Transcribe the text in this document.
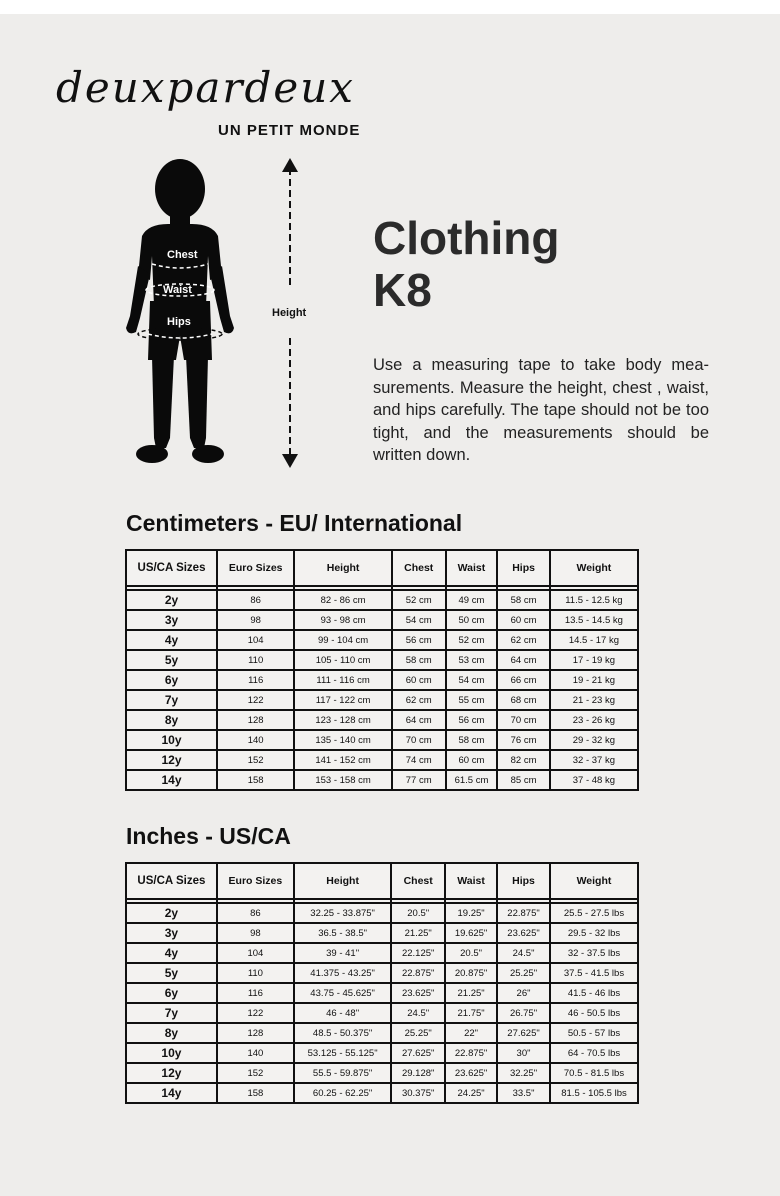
deuxpardeux
UN PETIT MONDE
Chest
Waist
Hips
Height
Clothing
K8
Use a measuring tape to take body mea-surements. Measure the height, chest , waist, and hips carefully. The tape should not be too tight, and the measurements should be written down.
Centimeters - EU/ International
US/CA Sizes	Euro Sizes	Height	Chest	Waist	Hips	Weight

2y	86	82 - 86 cm	52 cm	49 cm	58 cm	11.5 - 12.5 kg
3y	98	93 - 98 cm	54 cm	50 cm	60 cm	13.5 - 14.5 kg
4y	104	99 - 104 cm	56 cm	52 cm	62 cm	14.5 - 17 kg
5y	110	105 - 110 cm	58 cm	53 cm	64 cm	17 - 19 kg
6y	116	111 - 116 cm	60 cm	54 cm	66 cm	19 - 21 kg
7y	122	117 - 122 cm	62 cm	55 cm	68 cm	21 - 23 kg
8y	128	123 - 128 cm	64 cm	56 cm	70 cm	23 - 26 kg
10y	140	135 - 140 cm	70 cm	58 cm	76 cm	29 - 32 kg
12y	152	141 - 152 cm	74 cm	60 cm	82 cm	32 - 37 kg
14y	158	153 - 158 cm	77 cm	61.5 cm	85 cm	37 - 48 kg
Inches - US/CA
US/CA Sizes	Euro Sizes	Height	Chest	Waist	Hips	Weight

2y	86	32.25 - 33.875"	20.5"	19.25"	22.875"	25.5 - 27.5 lbs
3y	98	36.5 - 38.5"	21.25"	19.625"	23.625"	29.5 - 32 lbs
4y	104	39 - 41"	22.125"	20.5"	24.5"	32 - 37.5 lbs
5y	110	41.375 - 43.25"	22.875"	20.875"	25.25"	37.5 - 41.5 lbs
6y	116	43.75 - 45.625"	23.625"	21.25"	26"	41.5 - 46 lbs
7y	122	46 - 48"	24.5"	21.75"	26.75"	46 - 50.5 lbs
8y	128	48.5 - 50.375"	25.25"	22"	27.625"	50.5 - 57 lbs
10y	140	53.125 - 55.125"	27.625"	22.875"	30"	64 - 70.5 lbs
12y	152	55.5 - 59.875"	29.128"	23.625"	32.25"	70.5 - 81.5 lbs
14y	158	60.25 - 62.25"	30.375"	24.25"	33.5"	81.5 - 105.5 lbs
